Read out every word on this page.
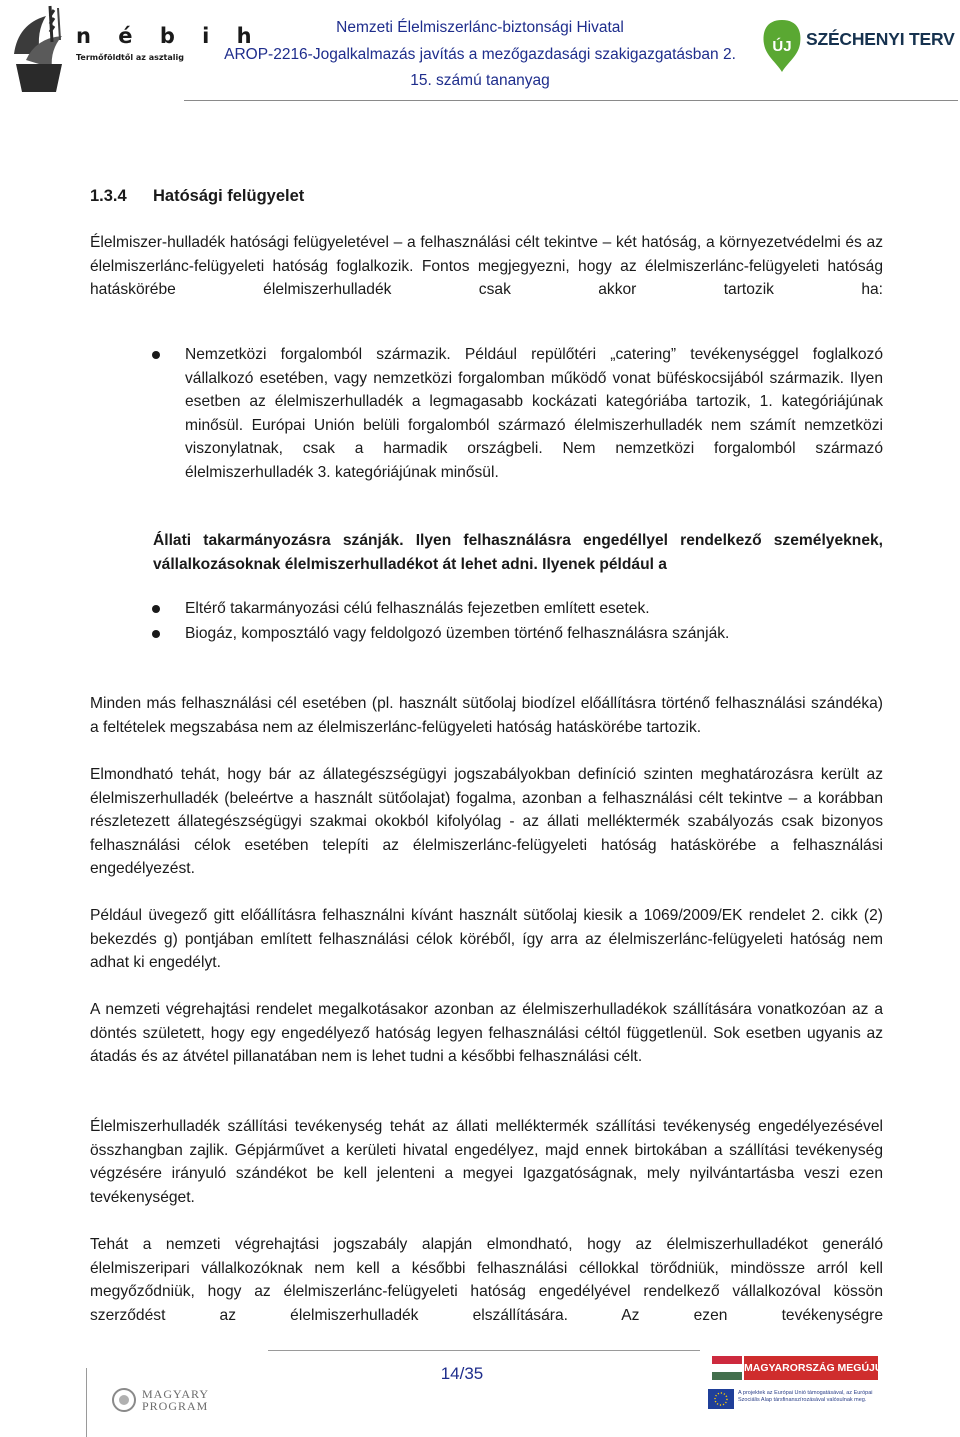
n é b i h
Termőföldtől az asztalig
Nemzeti Élelmiszerlánc-biztonsági Hivatal
AROP-2216-Jogalkalmazás javítás a mezőgazdasági szakigazgatásban 2.
15. számú tananyag
ÚJ SZÉCHENYI TERV
1.3.4 Hatósági felügyelet
Élelmiszer-hulladék hatósági felügyeletével – a felhasználási célt tekintve – két hatóság, a környezetvédelmi és az élelmiszerlánc-felügyeleti hatóság foglalkozik. Fontos megjegyezni, hogy az élelmiszerlánc-felügyeleti hatóság hatáskörébe élelmiszerhulladék csak akkor tartozik ha:
Nemzetközi forgalomból származik. Például repülőtéri „catering” tevékenységgel foglalkozó vállalkozó esetében, vagy nemzetközi forgalomban működő vonat büféskocsijából származik. Ilyen esetben az élelmiszerhulladék a legmagasabb kockázati kategóriába tartozik, 1. kategóriájúnak minősül. Európai Unión belüli forgalomból származó élelmiszerhulladék nem számít nemzetközi viszonylatnak, csak a harmadik országbeli. Nem nemzetközi forgalomból származó élelmiszerhulladék 3. kategóriájúnak minősül.
Állati takarmányozásra szánják. Ilyen felhasználásra engedéllyel rendelkező személyeknek, vállalkozásoknak élelmiszerhulladékot át lehet adni. Ilyenek például a
Eltérő takarmányozási célú felhasználás fejezetben említett esetek.
Biogáz, komposztáló vagy feldolgozó üzemben történő felhasználásra szánják.
Minden más felhasználási cél esetében (pl. használt sütőolaj biodízel előállításra történő felhasználási szándéka) a feltételek megszabása nem az élelmiszerlánc-felügyeleti hatóság hatáskörébe tartozik.
Elmondható tehát, hogy bár az állategészségügyi jogszabályokban definíció szinten meghatározásra került az élelmiszerhulladék (beleértve a használt sütőolajat) fogalma, azonban a felhasználási célt tekintve – a korábban részletezett állategészségügyi szakmai okokból kifolyólag - az állati melléktermék szabályozás csak bizonyos felhasználási célok esetében telepíti az élelmiszerlánc-felügyeleti hatóság hatáskörébe a felhasználási engedélyezést.
Például üvegező gitt előállításra felhasználni kívánt használt sütőolaj kiesik a 1069/2009/EK rendelet 2. cikk (2) bekezdés g) pontjában említett felhasználási célok köréből, így arra az élelmiszerlánc-felügyeleti hatóság nem adhat ki engedélyt.
A nemzeti végrehajtási rendelet megalkotásakor azonban az élelmiszerhulladékok szállítására vonatkozóan az a döntés született, hogy egy engedélyező hatóság legyen felhasználási céltól függetlenül. Sok esetben ugyanis az átadás és az átvétel pillanatában nem is lehet tudni a későbbi felhasználási célt.
Élelmiszerhulladék szállítási tevékenység tehát az állati melléktermék szállítási tevékenység engedélyezésével összhangban zajlik. Gépjárművet a kerületi hivatal engedélyez, majd ennek birtokában a szállítási tevékenység végzésére irányuló szándékot be kell jelenteni a megyei Igazgatóságnak, mely nyilvántartásba veszi ezen tevékenységet.
Tehát a nemzeti végrehajtási jogszabály alapján elmondható, hogy az élelmiszerhulladékot generáló élelmiszeripari vállalkozóknak nem kell a későbbi felhasználási céllokkal törődniük, mindössze arról kell megyőződniük, hogy az élelmiszerlánc-felügyeleti hatóság engedélyével rendelkező vállalkozóval kössön szerződést az élelmiszerhulladék elszállítására. Az ezen tevékenységre
14/35
MAGYARY
PROGRAM
MAGYARORSZÁG MEGÚJUL
A projektek az Európai Unió támogatásával, az Európai Szociális Alap társfinanszírozásával valósulnak meg.
